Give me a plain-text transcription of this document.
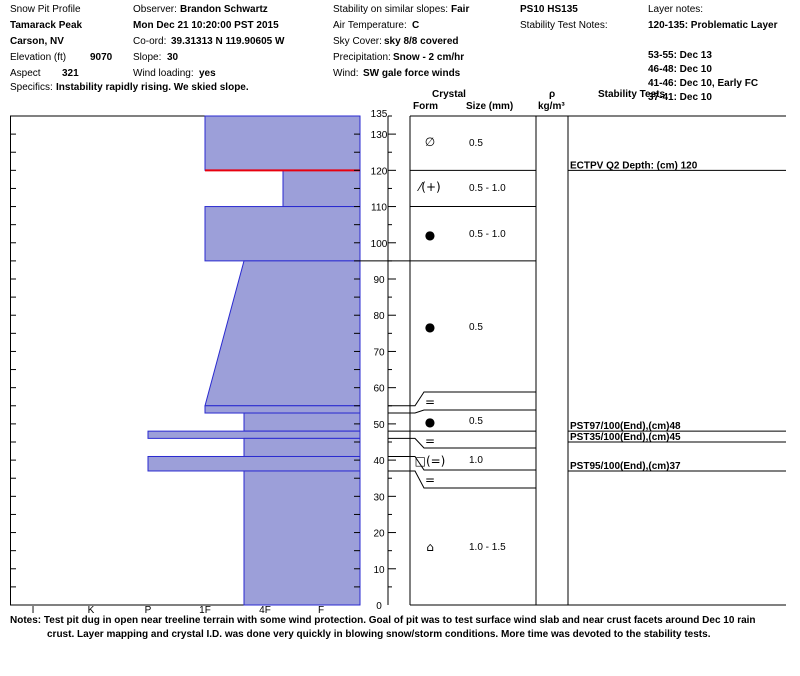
Snow Pit Profile
Tamarack Peak
Carson, NV
Elevation (ft) 9070
Aspect 321
Specifics: Instability rapidly rising. We skied slope.
Observer: Brandon Schwartz
Mon Dec 21 10:20:00 PST 2015
Co-ord: 39.31313 N 119.90605 W
Slope: 30
Wind loading: yes
Stability on similar slopes: Fair
Air Temperature: C
Sky Cover: sky 8/8 covered
Precipitation: Snow - 2 cm/hr
Wind: SW gale force winds
PS10 HS135
Stability Test Notes:
Layer notes:
120-135: Problematic Layer
53-55: Dec 13
46-48: Dec 10
41-46: Dec 10, Early FC
37-41: Dec 10
Crystal
Form	Size (mm)
ρ
kg/m³
Stability Tests
0
10
20
30
40
50
60
70
80
90
100
110
120
130
135
I	K	P	1F	4F	F
∅	0.5
⁄(+)	0.5 - 1.0
●	0.5 - 1.0
●	0.5
=
●	0.5
=
□(=) 1.0
=
⌂	1.0 - 1.5
ECTPV Q2 Depth: (cm) 120
PST35/100(End),(cm)45
PST97/100(End),(cm)48
PST95/100(End),(cm)37
Notes: Test pit dug in open near treeline terrain with some wind protection. Goal of pit was to test surface wind slab and near crust facets around Dec 10 rain
crust. Layer mapping and crystal I.D. was done very quickly in blowing snow/storm conditions. More time was devoted to the stability tests.
